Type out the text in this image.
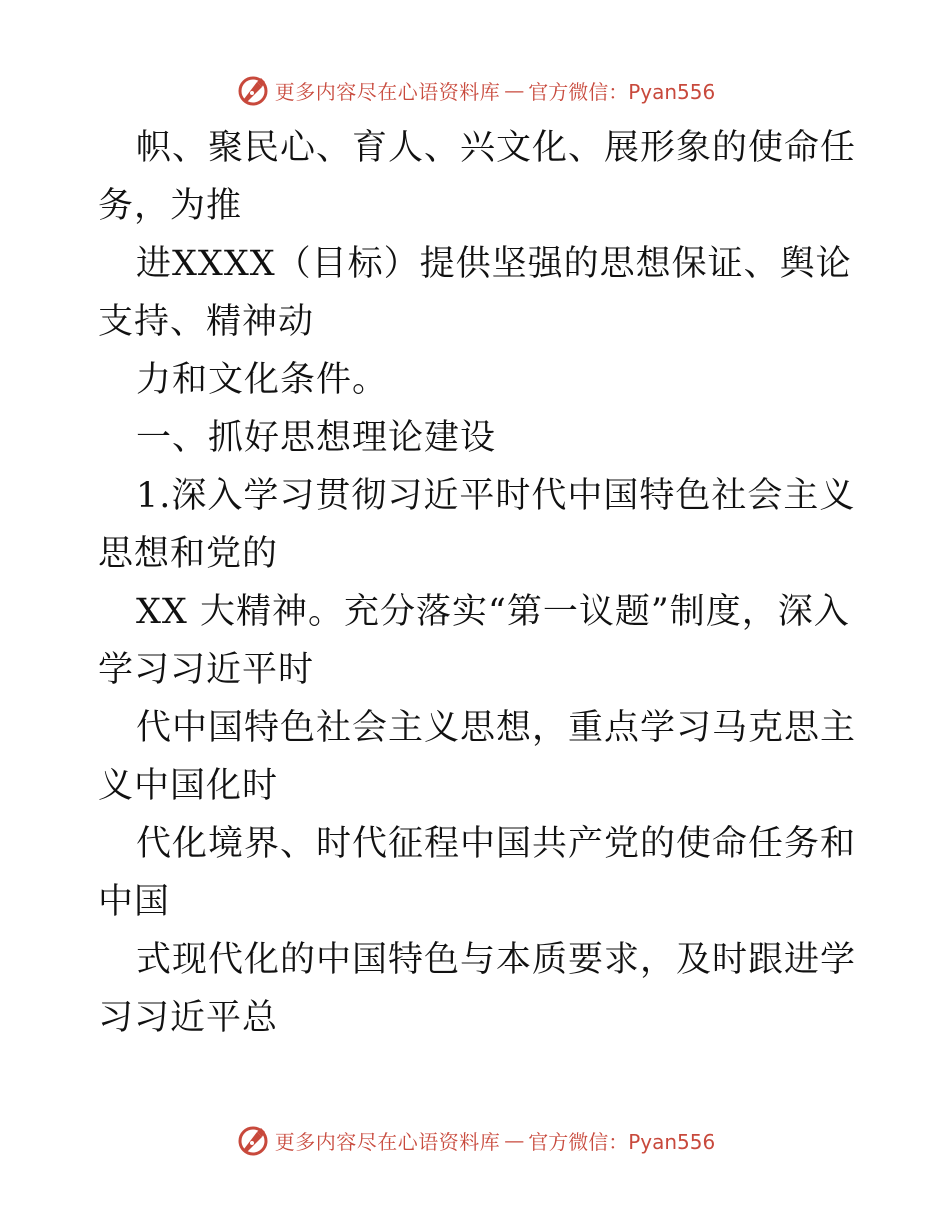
更多内容尽在心语资料库 — 官方微信：Pyan556

帜、聚民心、育人、兴文化、展形象的使命任务，为推

进XXXX（目标）提供坚强的思想保证、舆论支持、精神动

力和文化条件。

一、抓好思想理论建设

1.深入学习贯彻习近平时代中国特色社会主义思想和党的

XX 大精神。充分落实“第一议题”制度，深入学习习近平时

代中国特色社会主义思想，重点学习马克思主义中国化时

代化境界、时代征程中国共产党的使命任务和中国

式现代化的中国特色与本质要求，及时跟进学习习近平总

更多内容尽在心语资料库 — 官方微信：Pyan556
